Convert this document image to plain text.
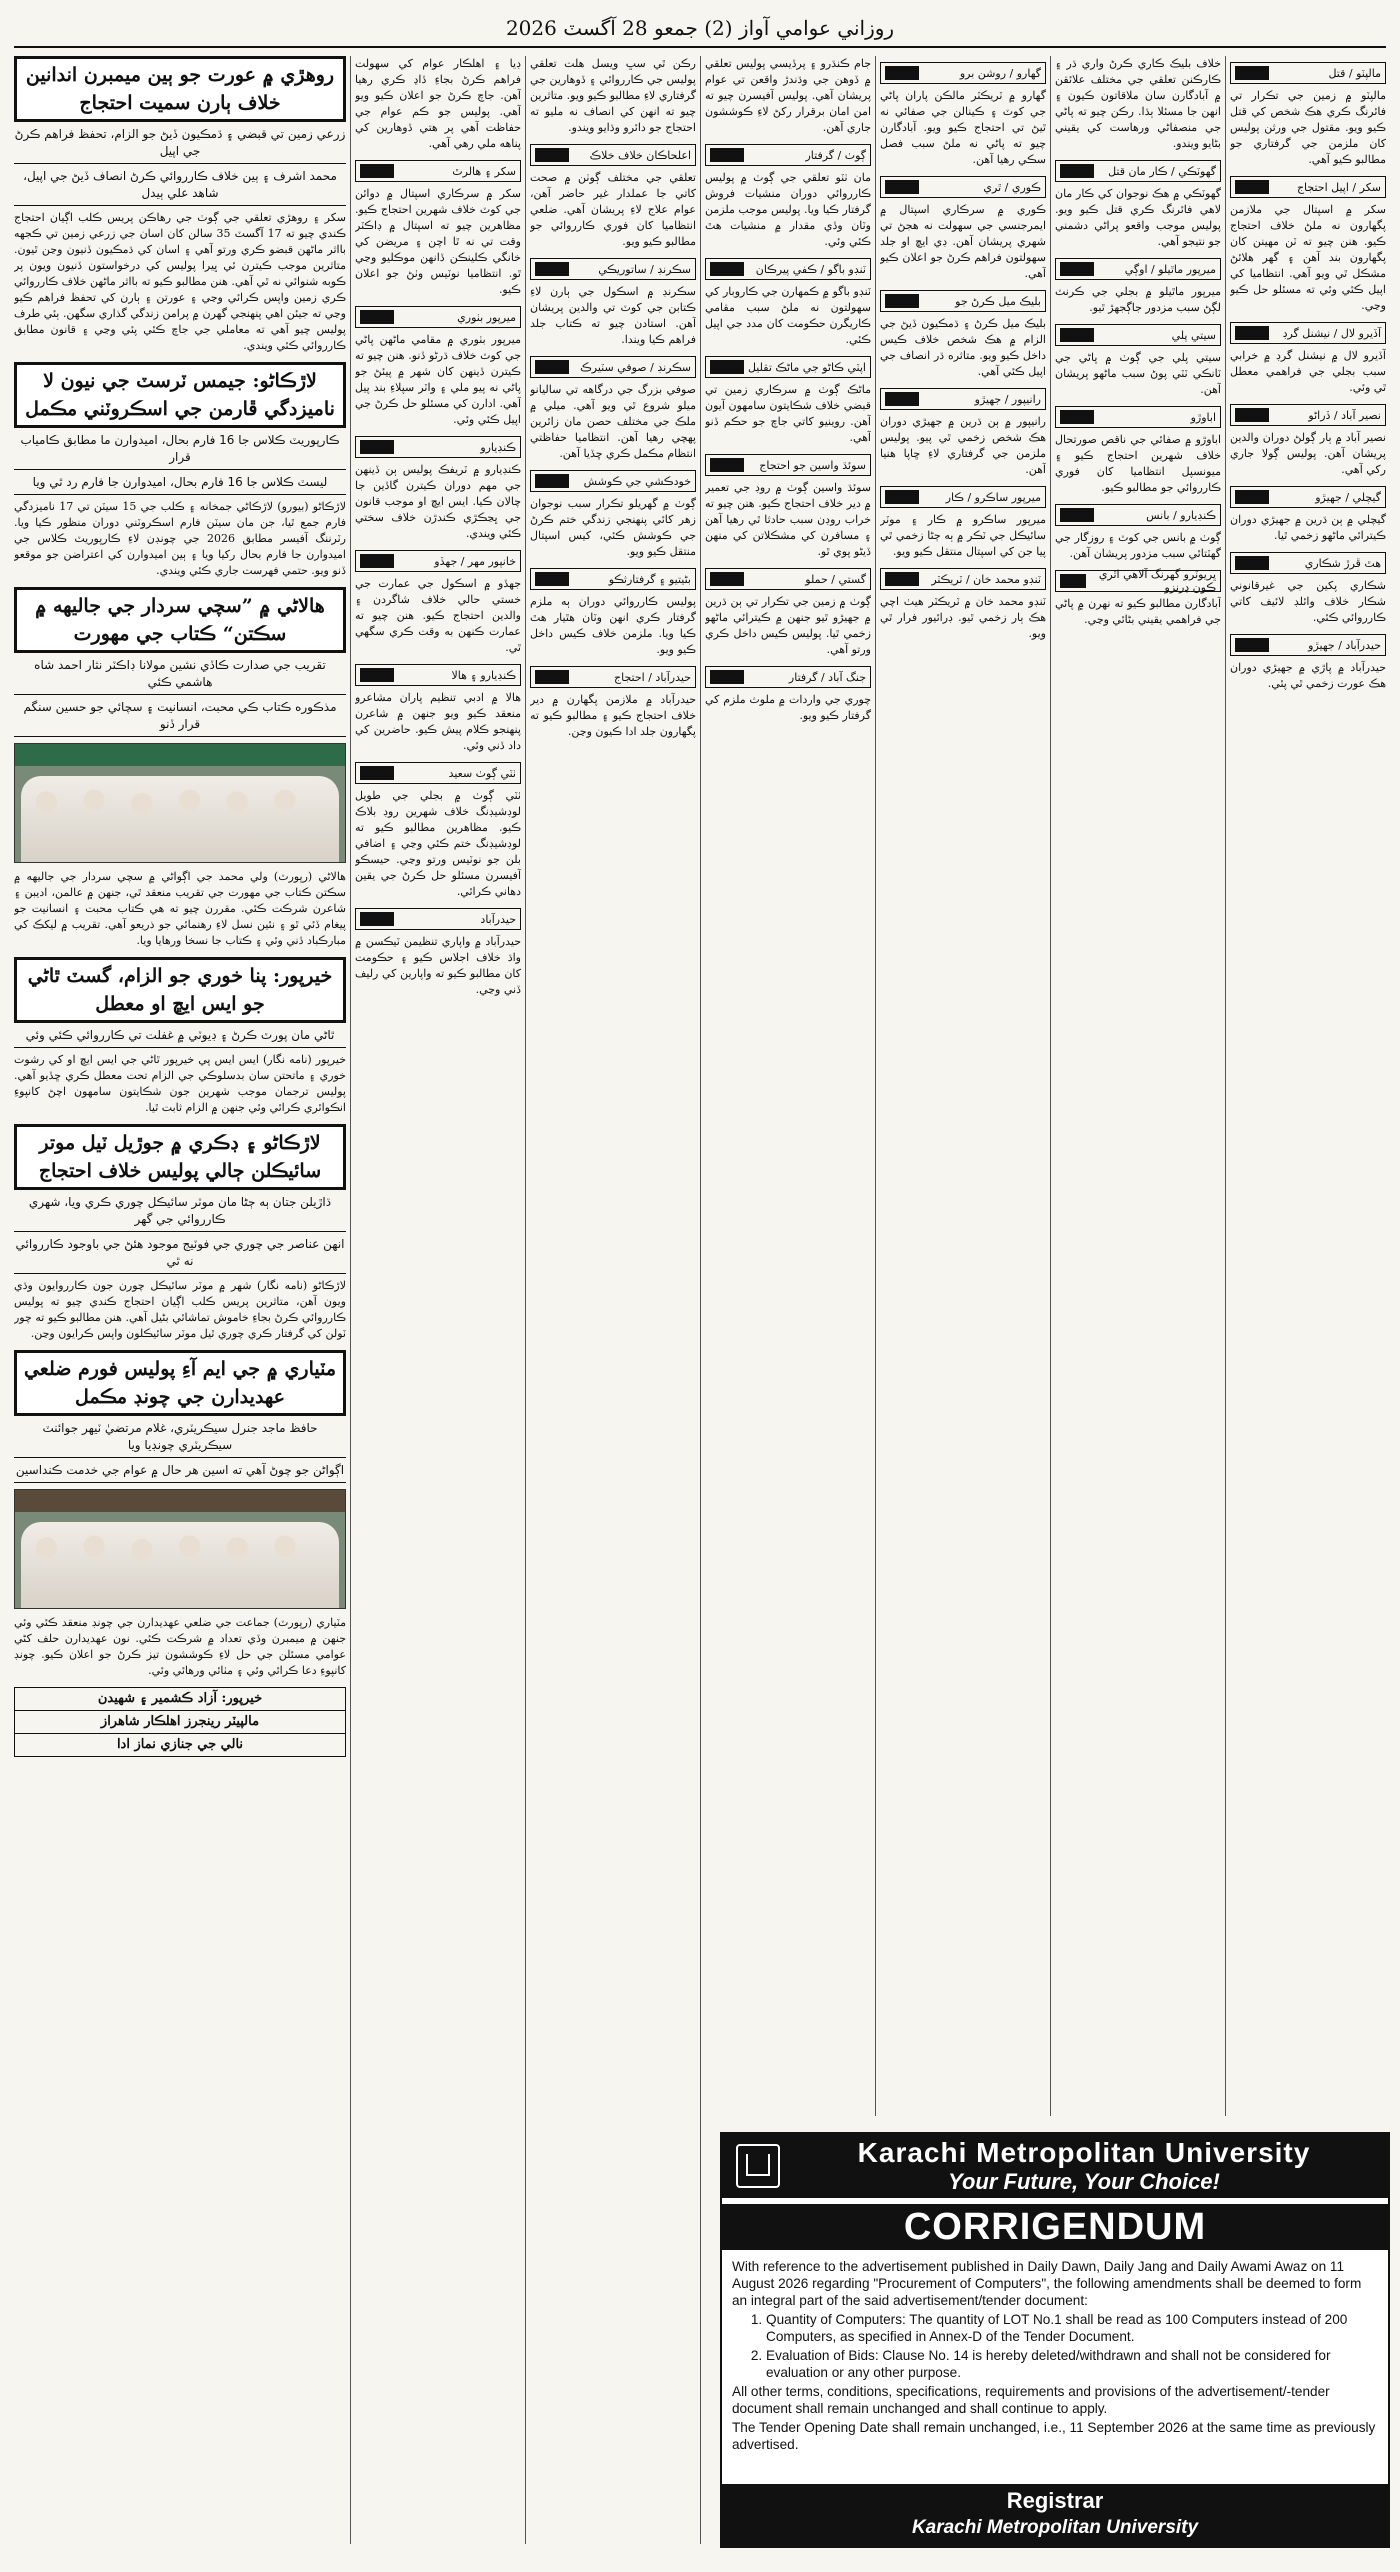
روزاني عوامي آواز (2) جمعو 28 آگسٽ 2026
روهڙي ۾ عورت جو ٻين ميمبرن اندانين خلاف ٻارن سميت احتجاج
زرعي زمين تي قبضي ۽ ڌمڪيون ڏيڻ جو الزام، تحفظ فراهم ڪرڻ جي اپيل
محمد اشرف ۽ ٻين خلاف ڪارروائي ڪرڻ انصاف ڏيڻ جي اپيل، شاهد علي ٻيدل
سکر ۽ روهڙي تعلقي جي ڳوٺ جي رهاڪن پريس ڪلب اڳيان احتجاج ڪندي چيو ته 17 آگسٽ 35 سالن کان اسان جي زرعي زمين تي ڪجهه بااثر ماڻهن قبضو ڪري ورتو آهي ۽ اسان کي ڌمڪيون ڏنيون وڃن ٿيون. متاثرين موجب ڪيترن ئي ڀيرا پوليس کي درخواستون ڏنيون ويون پر ڪوبه شنوائي نه ٿي آهي. هنن مطالبو ڪيو ته بااثر ماڻهن خلاف ڪارروائي ڪري زمين واپس ڪرائي وڃي ۽ عورتن ۽ ٻارن کي تحفظ فراهم ڪيو وڃي ته جيئن اهي پنهنجي گهرن ۾ پرامن زندگي گذاري سگهن. ٻئي طرف پوليس چيو آهي ته معاملي جي جاچ ڪئي پئي وڃي ۽ قانون مطابق ڪارروائي ڪئي ويندي.
لاڙڪاڻو: جيمس ٽرسٽ جي نيون لا ناميزدگي ڦارمن جي اسڪروٽني مڪمل
ڪارپوريٽ ڪلاس جا 16 فارم بحال، اميدوارن ما مطابق ڪامياب قرار
ليسٽ ڪلاس جا 16 فارم بحال، اميدوارن جا فارم رد ٿي ويا
لاڙڪاڻو (بيورو) لاڙڪاڻي جمخانه ۽ ڪلب جي 15 سيٽن تي 17 ناميزدگي فارم جمع ٿيا، جن مان سيٽن فارم اسڪروٽني دوران منظور ڪيا ويا. رٽرننگ آفيسر مطابق 2026 جي چونڊن لاءِ ڪارپوريٽ ڪلاس جي اميدوارن جا فارم بحال رکيا ويا ۽ ٻين اميدوارن کي اعتراضن جو موقعو ڏنو ويو. حتمي فهرست جاري ڪئي ويندي.
هالاڻي ۾ ”سچي سردار جي جاليهه ۾ سڪتن“ ڪتاب جي مهورت
تقريب جي صدارت ڪاڏي نشين مولانا ڊاڪٽر نثار احمد شاه هاشمي ڪئي
مذڪوره ڪتاب ڪي محبت، انسانيت ۽ سچائي جو حسين سنگم قرار ڏنو
هالاڻي (رپورٽ) ولي محمد جي اڳواڻي ۾ سچي سردار جي جاليهه ۾ سڪتن ڪتاب جي مهورت جي تقريب منعقد ٿي، جنهن ۾ عالمن، اديبن ۽ شاعرن شرڪت ڪئي. مقررن چيو ته هي ڪتاب محبت ۽ انسانيت جو پيغام ڏئي ٿو ۽ نئين نسل لاءِ رهنمائي جو ذريعو آهي. تقريب ۾ ليکڪ کي مبارڪباد ڏني وئي ۽ ڪتاب جا نسخا ورهايا ويا.
خيرپور: پنا خوري جو الزام، گسٽ ٿاڻي جو ايس ايڇ او معطل
ٿاڻي مان پورٽ ڪرڻ ۽ ڊيوٽي ۾ غفلت تي ڪارروائي ڪئي وئي
خيرپور (نامه نگار) ايس ايس پي خيرپور ٿاڻي جي ايس ايڇ او کي رشوت خوري ۽ ماتحتن سان بدسلوڪي جي الزام تحت معطل ڪري ڇڏيو آهي. پوليس ترجمان موجب شهرين جون شڪايتون سامهون اچڻ کانپوءِ انڪوائري ڪرائي وئي جنهن ۾ الزام ثابت ٿيا.
لاڙڪاڻو ۽ ڊڪري ۾ جوڙيل ٽيل موتر سائيڪلن ڄالي پوليس خلاف احتجاج
ڌاڙيلن جتان ٻه ڄڻا مان موٽر سائيڪل چوري ڪري ويا، شهري ڪارروائي جي گهر
انهن عناصر جي چوري جي فوٽيج موجود هئڻ جي باوجود ڪارروائي نه ٿي
لاڙڪاڻو (نامه نگار) شهر ۾ موٽر سائيڪل چورن جون ڪارروايون وڌي ويون آهن، متاثرين پريس ڪلب اڳيان احتجاج ڪندي چيو ته پوليس ڪارروائي ڪرڻ بجاءِ خاموش تماشائي بڻيل آهي. هنن مطالبو ڪيو ته چور ٽولن کي گرفتار ڪري چوري ٿيل موٽر سائيڪلون واپس ڪرايون وڃن.
مٽياري ۾ جي ايم آءِ پوليس فورم ضلعي عهديدارن جي چونڊ مڪمل
حافظ ماجد جنرل سيڪريٽري، غلام مرتضيٰ ٽيهر جوائنٽ سيڪريٽري چونڊيا ويا
اڳواڻن جو چوڻ آهي ته اسين هر حال ۾ عوام جي خدمت ڪنداسين
مٽياري (رپورٽ) جماعت جي ضلعي عهديدارن جي چونڊ منعقد ڪئي وئي جنهن ۾ ميمبرن وڏي تعداد ۾ شرڪت ڪئي. نون عهديدارن حلف کڻي عوامي مسئلن جي حل لاءِ ڪوششون تيز ڪرڻ جو اعلان ڪيو. چونڊ کانپوءِ دعا ڪرائي وئي ۽ مٺائي ورهائي وئي.
خيرپور: آزاد ڪشمير ۽ شهيدن
مالپيٽر رينجرز اهلڪار شاهراز
نالي جي جنازي نماز ادا
ڊيا ۽ اهلڪار عوام کي سهولت فراهم ڪرڻ بجاءِ ڏاڍ ڪري رهيا آهن. جاچ ڪرڻ جو اعلان ڪيو ويو آهي. پوليس جو ڪم عوام جي حفاظت آهي پر هتي ڏوهارين کي پناهه ملي رهي آهي.
سکر ۽ هالرٿ
سکر ۾ سرڪاري اسپتال ۾ دوائن جي کوٽ خلاف شهرين احتجاج ڪيو. مظاهرين چيو ته اسپتال ۾ ڊاڪٽر وقت تي نه ٿا اچن ۽ مريضن کي خانگي ڪلينڪن ڏانهن موڪليو وڃي ٿو. انتظاميا نوٽيس وٺڻ جو اعلان ڪيو.
ميرپور بٺوري
ميرپور بٺوري ۾ مقامي ماڻهن پاڻي جي کوٽ خلاف ڌرڻو ڏنو. هنن چيو ته ڪيترن ڏينهن کان شهر ۾ پيئڻ جو پاڻي نه پيو ملي ۽ واٽر سپلاءِ بند پيل آهي. ادارن کي مسئلو حل ڪرڻ جي اپيل ڪئي وئي.
ڪنڊيارو
ڪنڊيارو ۾ ٽريفڪ پوليس ٻن ڏينهن جي مهم دوران ڪيترن گاڏين جا چالان ڪيا. ايس ايڇ او موجب قانون جي ڀڃڪڙي ڪندڙن خلاف سختي ڪئي ويندي.
خانپور مهر / جهڏو
جهڏو ۾ اسڪول جي عمارت جي خستي حالي خلاف شاگردن ۽ والدين احتجاج ڪيو. هنن چيو ته عمارت ڪنهن به وقت ڪري سگهي ٿي.
ڪنڊيارو ۽ هالا
هالا ۾ ادبي تنظيم پاران مشاعرو منعقد ڪيو ويو جنهن ۾ شاعرن پنهنجو ڪلام پيش ڪيو. حاضرين کي داد ڏني وئي.
ٺٽي ڳوٺ سعيد
ٺٽي ڳوٺ ۾ بجلي جي طويل لوڊشيڊنگ خلاف شهرين روڊ بلاڪ ڪيو. مظاهرين مطالبو ڪيو ته لوڊشيڊنگ ختم ڪئي وڃي ۽ اضافي بلن جو نوٽيس ورتو وڃي. حيسڪو آفيسرن مسئلو حل ڪرڻ جي يقين دهاني ڪرائي.
حيدرآباد
حيدرآباد ۾ واپاري تنظيمن ٽيڪسن ۾ واڌ خلاف اجلاس ڪيو ۽ حڪومت کان مطالبو ڪيو ته واپارين کي رليف ڏني وڃي.
رڪن ٿي سڀ ويسل هلت تعلقي پوليس جي ڪارروائي ۽ ڏوهارين جي گرفتاري لاءِ مطالبو ڪيو ويو. متاثرين چيو ته انهن کي انصاف نه مليو ته احتجاج جو دائرو وڌايو ويندو.
اعلحاڪان خلاف خلاڪ
تعلقي جي مختلف ڳوٺن ۾ صحت کاتي جا عملدار غير حاضر آهن، عوام علاج لاءِ پريشان آهي. ضلعي انتظاميا کان فوري ڪارروائي جو مطالبو ڪيو ويو.
سڪرنڊ / ساتوريڪي
سڪرنڊ ۾ اسڪول جي ٻارن لاءِ ڪتابن جي کوٽ تي والدين پريشان آهن. استادن چيو ته ڪتاب جلد فراهم ڪيا ويندا.
سڪرنڊ / صوفي سٽيرڪ
صوفي بزرگ جي درگاهه تي ساليانو ميلو شروع ٿي ويو آهي. ميلي ۾ ملڪ جي مختلف حصن مان زائرين پهچي رهيا آهن. انتظاميا حفاظتي انتظام مڪمل ڪري ڇڏيا آهن.
خودڪشي جي ڪوشش
ڳوٺ ۾ گهريلو تڪرار سبب نوجوان زهر کائي پنهنجي زندگي ختم ڪرڻ جي ڪوشش ڪئي، کيس اسپتال منتقل ڪيو ويو.
بڻيتيو ۽ گرفتارثڪو
پوليس ڪارروائي دوران ٻه ملزم گرفتار ڪري انهن وٽان هٿيار هٿ ڪيا ويا. ملزمن خلاف ڪيس داخل ڪيو ويو.
حيدرآباد / احتجاج
حيدرآباد ۾ ملازمن پگهارن ۾ دير خلاف احتجاج ڪيو ۽ مطالبو ڪيو ته پگهارون جلد ادا ڪيون وڃن.
جام ڪنڌرو ۽ پرڏيسي پوليس تعلقي ۾ ڏوهن جي وڌندڙ واقعن تي عوام پريشان آهي. پوليس آفيسرن چيو ته امن امان برقرار رکڻ لاءِ ڪوششون جاري آهن.
ڳوٺ / گرفتار
مان ٺٽو تعلقي جي ڳوٺ ۾ پوليس ڪارروائي دوران منشيات فروش گرفتار ڪيا ويا. پوليس موجب ملزمن وٽان وڏي مقدار ۾ منشيات هٿ ڪئي وئي.
ٽنڊو باگو / ڪفي پيرڪان
ٽنڊو باگو ۾ ڪمهارن جي ڪاروبار کي سهولتون نه ملڻ سبب مقامي ڪاريگرن حڪومت کان مدد جي اپيل ڪئي.
اپٽي ڪاڻو جي ماڻڪ تقليل
ماڻڪ ڳوٺ ۾ سرڪاري زمين تي قبضي خلاف شڪايتون سامهون آيون آهن. روينيو کاتي جاچ جو حڪم ڏنو آهي.
سوئڌ واسين جو احتجاج
سوئڌ واسين ڳوٺ ۾ روڊ جي تعمير ۾ دير خلاف احتجاج ڪيو. هنن چيو ته خراب روڊن سبب حادثا ٿي رهيا آهن ۽ مسافرن کي مشڪلاتن کي منهن ڏيڻو پوي ٿو.
گستي / حملو
ڳوٺ ۾ زمين جي تڪرار تي ٻن ڌرين ۾ جهيڙو ٿيو جنهن ۾ ڪيترائي ماڻهو زخمي ٿيا. پوليس ڪيس داخل ڪري ورتو آهي.
جنگ آباد / گرفتار
چوري جي واردات ۾ ملوث ملزم کي گرفتار ڪيو ويو.
گهارو / روشن برو
گهارو ۾ ٽريڪٽر مالڪن پاران پاڻي جي کوٽ ۽ ڪينالن جي صفائي نه ٿيڻ تي احتجاج ڪيو ويو. آبادگارن چيو ته پاڻي نه ملڻ سبب فصل سڪي رهيا آهن.
ڪوري / ٿري
ڪوري ۾ سرڪاري اسپتال ۾ ايمرجنسي جي سهولت نه هجڻ تي شهري پريشان آهن. ڊي ايڇ او جلد سهولتون فراهم ڪرڻ جو اعلان ڪيو آهي.
بليڪ ميل ڪرڻ جو
بليڪ ميل ڪرڻ ۽ ڌمڪيون ڏيڻ جي الزام ۾ هڪ شخص خلاف ڪيس داخل ڪيو ويو. متاثره ڌر انصاف جي اپيل ڪئي آهي.
رانيپور / جهيڙو
رانيپور ۾ ٻن ڌرين ۾ جهيڙي دوران هڪ شخص زخمي ٿي پيو. پوليس ملزمن جي گرفتاري لاءِ ڇاپا هنيا آهن.
ميرپور ساڪرو / ڪار
ميرپور ساڪرو ۾ ڪار ۽ موٽر سائيڪل جي ٽڪر ۾ ٻه ڄڻا زخمي ٿي پيا جن کي اسپتال منتقل ڪيو ويو.
ٽنڊو محمد خان / ٽريڪٽر
ٽنڊو محمد خان ۾ ٽريڪٽر هيٺ اچي هڪ ٻار زخمي ٿيو. ڊرائيور فرار ٿي ويو.
خلاف بليڪ ڪاري ڪرڻ واري ڌر ۽ ڪارڪنن تعلقي جي مختلف علائقن ۾ آبادگارن سان ملاقاتون ڪيون ۽ انهن جا مسئلا ٻڌا. رڪن چيو ته پاڻي جي منصفاڻي ورهاست کي يقيني بڻايو ويندو.
گهوٽڪي / ڪار مان قتل
گهوٽڪي ۾ هڪ نوجوان کي ڪار مان لاهي فائرنگ ڪري قتل ڪيو ويو. پوليس موجب واقعو پراڻي دشمني جو نتيجو آهي.
ميرپور ماٿيلو / اوڳي
ميرپور ماٿيلو ۾ بجلي جي ڪرنٽ لڳڻ سبب مزدور جاڳجهڙ ٿيو.
سيتي پلي
سيتي پلي جي ڳوٺ ۾ پاڻي جي ٽانڪي ٽٽي پوڻ سبب ماڻهو پريشان آهن.
اباوڙو
اباوڙو ۾ صفائي جي ناقص صورتحال خلاف شهرين احتجاج ڪيو ۽ ميونسپل انتظاميا کان فوري ڪارروائي جو مطالبو ڪيو.
ڪنڊيارو / بانس
ڳوٺ ۾ بانس جي کوٽ ۽ روزگار جي گهٽتائي سبب مزدور پريشان آهن.
ڀريوٽرو گهرنگ آلاهي اٿري ڪون ڊرنزو
آبادگارن مطالبو ڪيو ته نهرن ۾ پاڻي جي فراهمي يقيني بڻائي وڃي.
مالپٽو / قتل
مالپٽو ۾ زمين جي تڪرار تي فائرنگ ڪري هڪ شخص کي قتل ڪيو ويو. مقتول جي ورثن پوليس کان ملزمن جي گرفتاري جو مطالبو ڪيو آهي.
سکر / اپيل احتجاج
سکر ۾ اسپتال جي ملازمن پگهارون نه ملڻ خلاف احتجاج ڪيو. هنن چيو ته ٽن مهينن کان پگهارون بند آهن ۽ گهر هلائڻ مشڪل ٿي ويو آهي. انتظاميا کي اپيل ڪئي وئي ته مسئلو حل ڪيو وڃي.
آڏيرو لال / نيشنل گرڊ
آڏيرو لال ۾ نيشنل گرڊ ۾ خرابي سبب بجلي جي فراهمي معطل ٿي وئي.
نصير آباد / ڏراڻو
نصير آباد ۾ ٻار ڳولڻ دوران والدين پريشان آهن. پوليس ڳولا جاري رکي آهي.
گيچلي / جهيڙو
گيچلي ۾ ٻن ڌرين ۾ جهيڙي دوران ڪيترائي ماڻهو زخمي ٿيا.
هٿ ڦرڙ شڪاري
شڪاري پکين جي غيرقانوني شڪار خلاف وائلڊ لائيف کاتي ڪارروائي ڪئي.
حيدرآباد / جهيڙو
حيدرآباد ۾ پاڙي ۾ جهيڙي دوران هڪ عورت زخمي ٿي پئي.
Karachi Metropolitan University
Your Future, Your Choice!
CORRIGENDUM

With reference to the advertisement published in Daily Dawn, Daily Jang and Daily Awami Awaz on 11 August 2026 regarding "Procurement of Computers", the following amendments shall be deemed to form an integral part of the said advertisement/tender document:

1. Quantity of Computers: The quantity of LOT No.1 shall be read as 100 Computers instead of 200 Computers, as specified in Annex-D of the Tender Document.
2. Evaluation of Bids: Clause No. 14 is hereby deleted/withdrawn and shall not be considered for evaluation or any other purpose.

All other terms, conditions, specifications, requirements and provisions of the advertisement/-tender document shall remain unchanged and shall continue to apply.

The Tender Opening Date shall remain unchanged, i.e., 11 September 2026 at the same time as previously advertised.

Registrar
Karachi Metropolitan University
